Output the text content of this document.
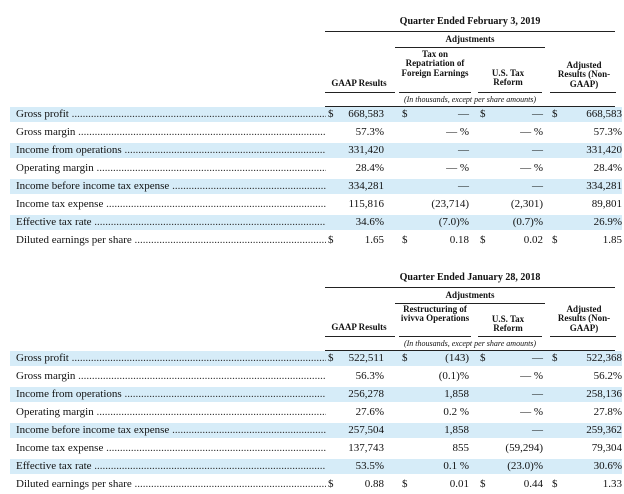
Quarter Ended February 3, 2019
Adjustments
GAAP Results
Tax on Repatriation of Foreign Earnings	U.S. Tax Reform
Adjusted Results (Non-GAAP)
(In thousands, except per share amounts)
Gross profit .....	$ 668,583 $	— $	— $	668,583
Gross margin .....	57.3%	— %	— %	57.3%
Income from operations .....	331,420	—	—	331,420
Operating margin .....	28.4%	— %	— %	28.4%
Income before income tax expense .....	334,281	—	—	334,281
Income tax expense .....	115,816	(23,714)	(2,301)	89,801
Effective tax rate .....	34.6%	(7.0)%	(0.7)%	26.9%
Diluted earnings per share .....	$	1.65 $	0.18 $	0.02 $	1.85
Quarter Ended January 28, 2018
Adjustments
GAAP Results
Restructuring of ivivva Operations	U.S. Tax Reform
Adjusted Results (Non-GAAP)
(In thousands, except per share amounts)
Gross profit .....	$ 522,511 $	(143) $	— $	522,368
Gross margin .....	56.3%	(0.1)%	— %	56.2%
Income from operations .....	256,278	1,858	—	258,136
Operating margin .....	27.6%	0.2 %	— %	27.8%
Income before income tax expense .....	257,504	1,858	—	259,362
Income tax expense .....	137,743	855	(59,294)	79,304
Effective tax rate .....	53.5%	0.1 %	(23.0)%	30.6%
Diluted earnings per share .....	$	0.88 $	0.01 $	0.44 $	1.33
